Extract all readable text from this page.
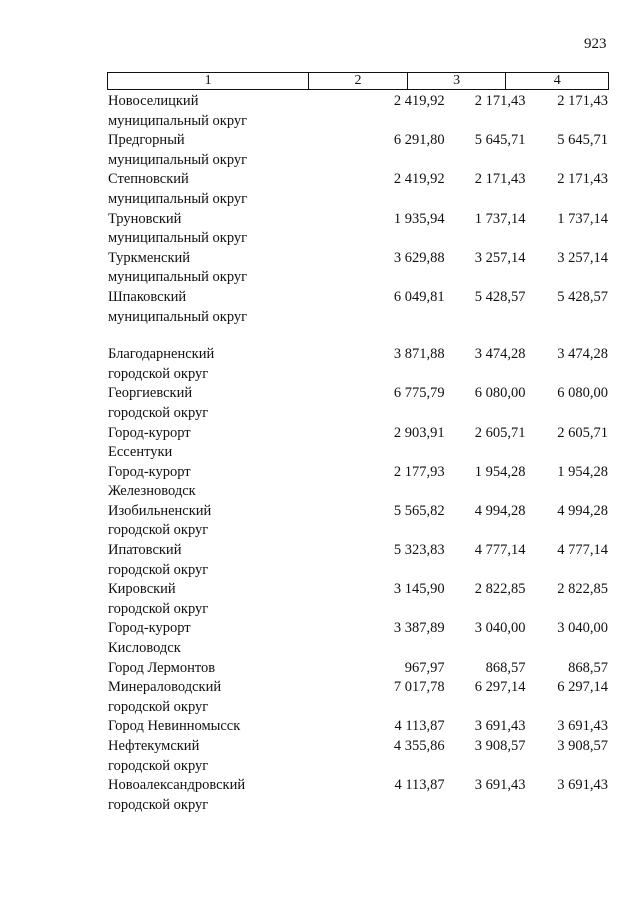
923
1	2	3	4
Новоселицкий	2 419,92	2 171,43	2 171,43
муниципальный округ
Предгорный	6 291,80	5 645,71	5 645,71
муниципальный округ
Степновский	2 419,92	2 171,43	2 171,43
муниципальный округ
Труновский	1 935,94	1 737,14	1 737,14
муниципальный округ
Туркменский	3 629,88	3 257,14	3 257,14
муниципальный округ
Шпаковский	6 049,81	5 428,57	5 428,57
муниципальный округ
Благодарненский	3 871,88	3 474,28	3 474,28
городской округ
Георгиевский	6 775,79	6 080,00	6 080,00
городской округ
Город-курорт	2 903,91	2 605,71	2 605,71
Ессентуки
Город-курорт	2 177,93	1 954,28	1 954,28
Железноводск
Изобильненский	5 565,82	4 994,28	4 994,28
городской округ
Ипатовский	5 323,83	4 777,14	4 777,14
городской округ
Кировский	3 145,90	2 822,85	2 822,85
городской округ
Город-курорт	3 387,89	3 040,00	3 040,00
Кисловодск
Город Лермонтов	967,97	868,57	868,57
Минераловодский	7 017,78	6 297,14	6 297,14
городской округ
Город Невинномысск	4 113,87	3 691,43	3 691,43
Нефтекумский	4 355,86	3 908,57	3 908,57
городской округ
Новоалександровский	4 113,87	3 691,43	3 691,43
городской округ
